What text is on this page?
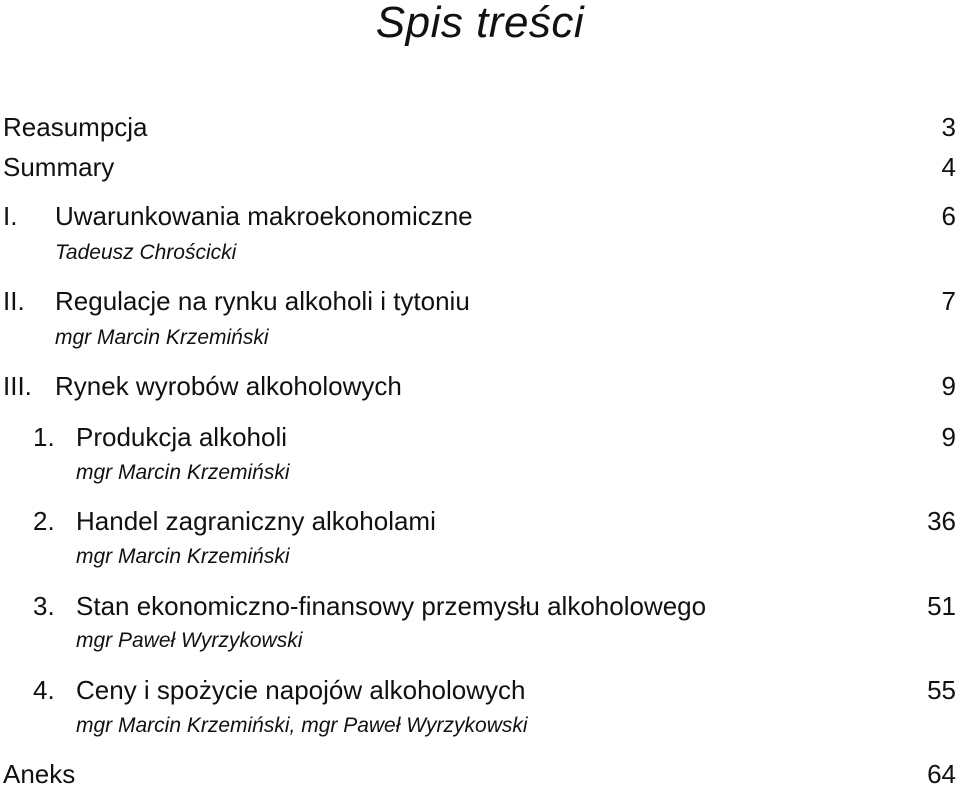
Spis treści
Reasumpcja	3
Summary	4
I. Uwarunkowania makroekonomiczne	6
Tadeusz Chrościcki
II. Regulacje na rynku alkoholi i tytoniu	7
mgr Marcin Krzemiński
III. Rynek wyrobów alkoholowych	9
1. Produkcja alkoholi	9
mgr Marcin Krzemiński
2. Handel zagraniczny alkoholami	36
mgr Marcin Krzemiński
3. Stan ekonomiczno-finansowy przemysłu alkoholowego	51
mgr Paweł Wyrzykowski
4. Ceny i spożycie napojów alkoholowych	55
mgr Marcin Krzemiński, mgr Paweł Wyrzykowski
Aneks	64
